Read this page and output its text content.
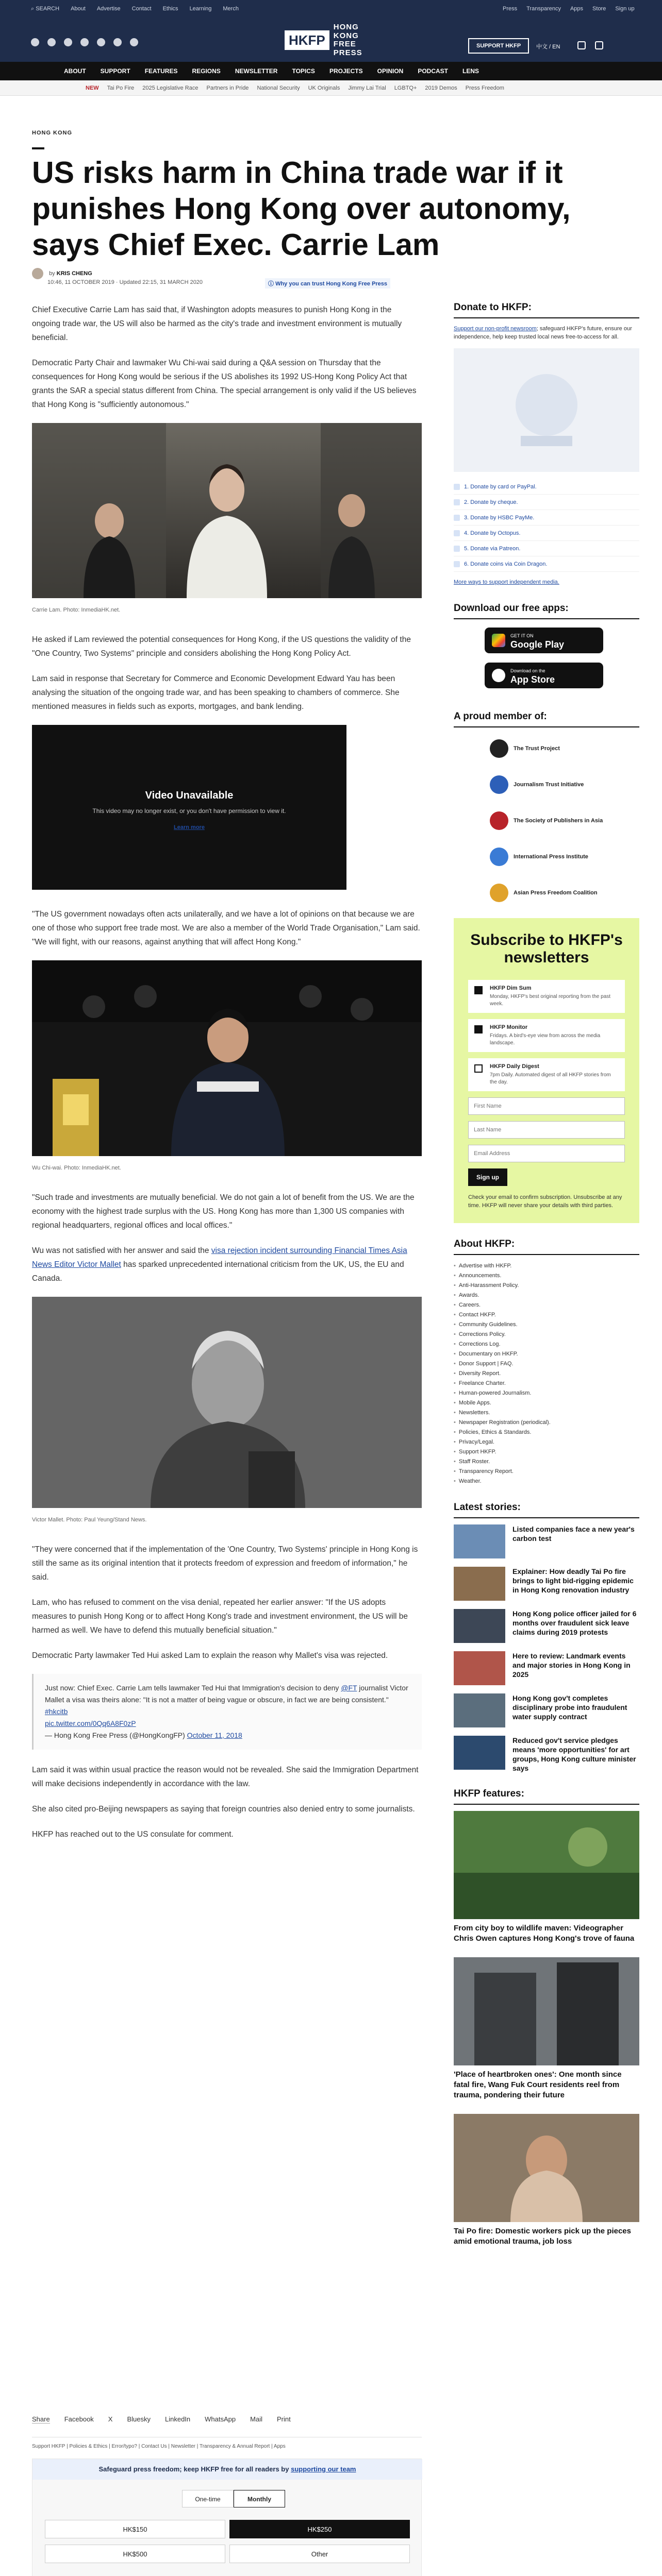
⌕ SEARCH About Advertise Contact Ethics Learning Merch	Press Transparency Apps Store Sign up
HKFP
HONG KONG
FREE PRESS
SUPPORT HKFP	中文 / EN
ABOUT SUPPORT FEATURES REGIONS NEWSLETTER TOPICS PROJECTS OPINION PODCAST LENS
NEW Tai Po Fire 2025 Legislative Race Partners in Pride National Security UK Originals Jimmy Lai Trial LGBTQ+ 2019 Demos Press Freedom
HONG KONG
US risks harm in China trade war if it punishes Hong Kong over autonomy, says Chief Exec. Carrie Lam
by KRIS CHENG
10:46, 11 OCTOBER 2019 · Updated 22:15, 31 MARCH 2020	ⓘ Why you can trust Hong Kong Free Press

Chief Executive Carrie Lam has said that, if Washington adopts measures to punish Hong Kong in the ongoing trade war, the US will also be harmed as the city's trade and investment environment is mutually beneficial.

Democratic Party Chair and lawmaker Wu Chi-wai said during a Q&A session on Thursday that the consequences for Hong Kong would be serious if the US abolishes its 1992 US-Hong Kong Policy Act that grants the SAR a special status different from China. The special arrangement is only valid if the US believes that Hong Kong is "sufficiently autonomous."

Carrie Lam. Photo: InmediaHK.net.

He asked if Lam reviewed the potential consequences for Hong Kong, if the US questions the validity of the "One Country, Two Systems" principle and considers abolishing the Hong Kong Policy Act.

Lam said in response that Secretary for Commerce and Economic Development Edward Yau has been analysing the situation of the ongoing trade war, and has been speaking to chambers of commerce. She mentioned measures in fields such as exports, mortgages, and bank lending.

Video Unavailable
This video may no longer exist, or you don't have permission to view it.
Learn more

"The US government nowadays often acts unilaterally, and we have a lot of opinions on that because we are one of those who support free trade most. We are also a member of the World Trade Organisation," Lam said. "We will fight, with our reasons, against anything that will affect Hong Kong."

Wu Chi-wai. Photo: InmediaHK.net.

"Such trade and investments are mutually beneficial. We do not gain a lot of benefit from the US. We are the economy with the highest trade surplus with the US. Hong Kong has more than 1,300 US companies with regional headquarters, regional offices and local offices."

Wu was not satisfied with her answer and said the visa rejection incident surrounding Financial Times Asia News Editor Victor Mallet has sparked unprecedented international criticism from the UK, US, the EU and Canada.

Victor Mallet. Photo: Paul Yeung/Stand News.

"They were concerned that if the implementation of the 'One Country, Two Systems' principle in Hong Kong is still the same as its original intention that it protects freedom of expression and freedom of information," he said.

Lam, who has refused to comment on the visa denial, repeated her earlier answer: "If the US adopts measures to punish Hong Kong or to affect Hong Kong's trade and investment environment, the US will be harmed as well. We have to defend this mutually beneficial situation."

Democratic Party lawmaker Ted Hui asked Lam to explain the reason why Mallet's visa was rejected.

Just now: Chief Exec. Carrie Lam tells lawmaker Ted Hui that Immigration's decision to deny @FT journalist Victor Mallet a visa was theirs alone: "It is not a matter of being vague or obscure, in fact we are being consistent." #hkcitb
pic.twitter.com/0Qq6A8F0zP
— Hong Kong Free Press (@HongKongFP) October 11, 2018

Lam said it was within usual practice the reason would not be revealed. She said the Immigration Department will make decisions independently in accordance with the law.

She also cited pro-Beijing newspapers as saying that foreign countries also denied entry to some journalists.

HKFP has reached out to the US consulate for comment.

Share Facebook X Bluesky LinkedIn WhatsApp Mail Print
Support HKFP | Policies & Ethics | Error/typo? | Contact Us | Newsletter | Transparency & Annual Report | Apps
Safeguard press freedom; keep HKFP free for all readers by supporting our team
One-time	Monthly
HK$150	HK$250
HK$500	Other

Donate to HKFP:

Support our non-profit newsroom; safeguard HKFP's future, ensure our independence, help keep trusted local news free-to-access for all.

1. Donate by card or PayPal.
2. Donate by cheque.
3. Donate by HSBC PayMe.
4. Donate by Octopus.
5. Donate via Patreon.
6. Donate coins via Coin Dragon.
More ways to support independent media.
Download our free apps:
GET IT ON
Google Play
Download on the
App Store
A proud member of:
The Trust Project
Journalism Trust Initiative
The Society of Publishers in Asia
International Press Institute
Asian Press Freedom Coalition
Subscribe to HKFP's newsletters
HKFP Dim Sum
Monday, HKFP's best original reporting from the past week.
HKFP Monitor
Fridays. A bird's-eye view from across the media landscape.
HKFP Daily Digest
7pm Daily. Automated digest of all HKFP stories from the day.
First Name
Last Name
Email Address Sign up
Check your email to confirm subscription. Unsubscribe at any time. HKFP will never share your details with third parties.
About HKFP:
• Advertise with HKFP.
• Announcements.
• Anti-Harassment Policy.
• Awards.
• Careers.
• Contact HKFP.
• Community Guidelines.
• Corrections Policy.
• Corrections Log.
• Documentary on HKFP.
• Donor Support | FAQ.
• Diversity Report.
• Freelance Charter.
• Human-powered Journalism.
• Mobile Apps.
• Newsletters.
• Newspaper Registration (periodical).
• Policies, Ethics & Standards.
• Privacy/Legal.
• Support HKFP.
• Staff Roster.
• Transparency Report.
• Weather.
Latest stories:
Listed companies face a new year's carbon test
Explainer: How deadly Tai Po fire brings to light bid-rigging epidemic in Hong Kong renovation industry
Hong Kong police officer jailed for 6 months over fraudulent sick leave claims during 2019 protests
Here to review: Landmark events and major stories in Hong Kong in 2025
Hong Kong gov't completes disciplinary probe into fraudulent water supply contract
Reduced gov't service pledges means 'more opportunities' for art groups, Hong Kong culture minister says
HKFP features:
From city boy to wildlife maven: Videographer Chris Owen captures Hong Kong's trove of fauna
'Place of heartbroken ones': One month since fatal fire, Wang Fuk Court residents reel from trauma, pondering their future
Tai Po fire: Domestic workers pick up the pieces amid emotional trauma, job loss
